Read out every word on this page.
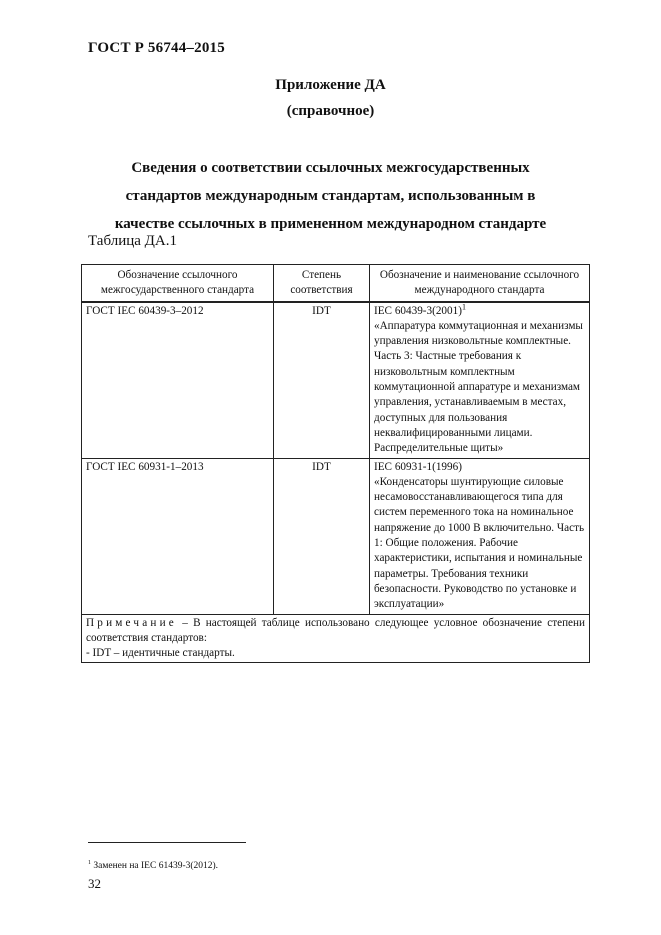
ГОСТ Р 56744–2015
Приложение ДА
(справочное)
Сведения о соответствии ссылочных межгосударственных
стандартов международным стандартам, использованным в
качестве ссылочных в примененном международном стандарте
Таблица ДА.1
Обозначение ссылочного межгосударственного стандарта	Степень соответствия	Обозначение и наименование ссылочного международного стандарта
ГОСТ IEC 60439-3–2012	IDT	IEC 60439-3(2001)$^1$
«Аппаратура коммутационная и механизмы управления низковольтные комплектные. Часть 3: Частные требования к низковольтным комплектным коммутационной аппаратуре и механизмам управления, устанавливаемым в местах, доступных для пользования неквалифицированными лицами. Распределительные щиты»
ГОСТ IEC 60931-1–2013	IDT	IEC 60931-1(1996)
«Конденсаторы шунтирующие силовые несамовосстанавливающегося типа для систем переменного тока на номинальное напряжение до 1000 В включительно. Часть 1: Общие положения. Рабочие характеристики, испытания и номинальные параметры. Требования техники безопасности. Руководство по установке и эксплуатации»
Примечание – В настоящей таблице использовано следующее условное обозначение степени соответствия стандартов:
- IDT – идентичные стандарты.		
$^1$ Заменен на IEC 61439-3(2012).
32
